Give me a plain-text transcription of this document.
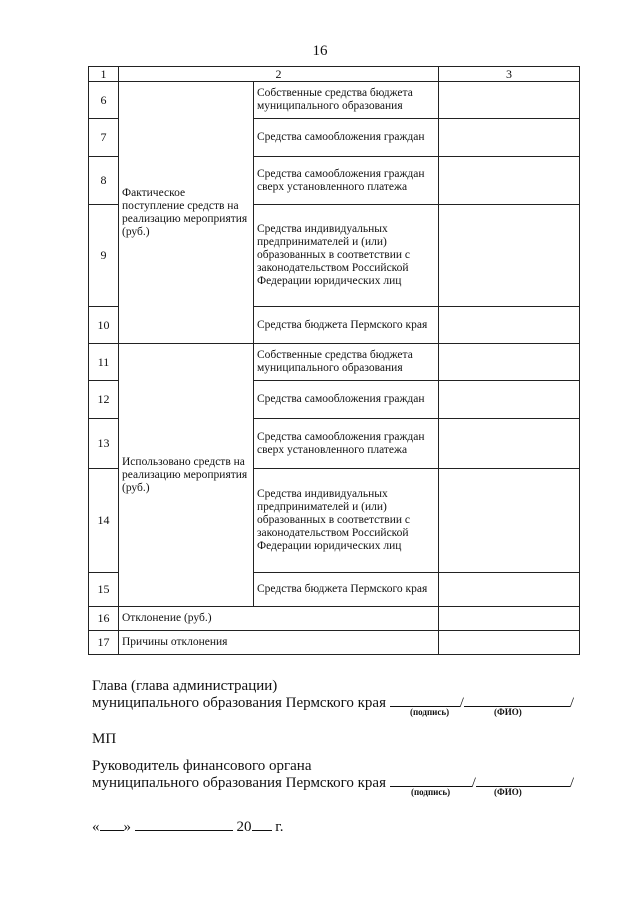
16
1	2		3
6	Фактическое поступление средств на реализацию мероприятия (руб.)	Собственные средства бюджета муниципального образования	
7		Средства самообложения граждан	
8		Средства самообложения граждан сверх установленного платежа	
9		Средства индивидуальных предпринимателей и (или) образованных в соответствии с законодательством Российской Федерации юридических лиц	
10		Средства бюджета Пермского края	
11	Использовано средств на реализацию мероприятия (руб.)	Собственные средства бюджета муниципального образования	
12		Средства самообложения граждан	
13		Средства самообложения граждан сверх установленного платежа	
14		Средства индивидуальных предпринимателей и (или) образованных в соответствии с законодательством Российской Федерации юридических лиц	
15		Средства бюджета Пермского края	
16	Отклонение (руб.)		
17	Причины отклонения		
Глава (глава администрации)
муниципального образования Пермского края	/	/
(подпись)	(ФИО)
МП
Руководитель финансового органа
муниципального образования Пермского края	/	/
(подпись)	(ФИО)
« »	20 г.
